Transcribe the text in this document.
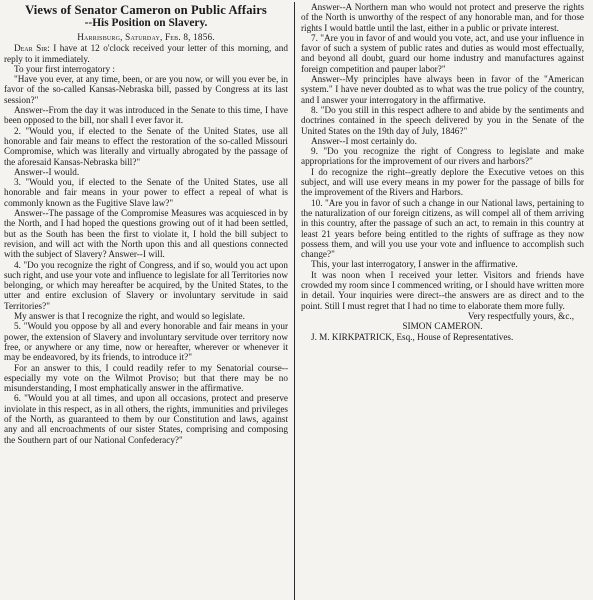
Views of Senator Cameron on Public Affairs
--His Position on Slavery.
Harrisburg, Saturday, Feb. 8, 1856.

Dear Sir: I have at 12 o'clock received your letter of this morning, and reply to it immediately.

To your first interrogatory :

"Have you ever, at any time, been, or are you now, or will you ever be, in favor of the so-called Kansas-Nebraska bill, passed by Congress at its last session?"

Answer--From the day it was introduced in the Senate to this time, I have been opposed to the bill, nor shall I ever favor it.

2. "Would you, if elected to the Senate of the United States, use all honorable and fair means to effect the restoration of the so-called Missouri Compromise, which was literally and virtually abrogated by the passage of the aforesaid Kansas-Nebraska bill?"

Answer--I would.

3. "Would you, if elected to the Senate of the United States, use all honorable and fair means in your power to effect a repeal of what is commonly known as the Fugitive Slave law?"

Answer--The passage of the Compromise Measures was acquiesced in by the North, and I had hoped the questions growing out of it had been settled, but as the South has been the first to violate it, I hold the bill subject to revision, and will act with the North upon this and all questions connected with the subject of Slavery? Answer--I will.

4. "Do you recognize the right of Congress, and if so, would you act upon such right, and use your vote and influence to legislate for all Territories now belonging, or which may hereafter be acquired, by the United States, to the utter and entire exclusion of Slavery or involuntary servitude in said Territories?"

My answer is that I recognize the right, and would so legislate.

5. "Would you oppose by all and every honorable and fair means in your power, the extension of Slavery and involuntary servitude over territory now free, or anywhere or any time, now or hereafter, wherever or whenever it may be endeavored, by its friends, to introduce it?"

For an answer to this, I could readily refer to my Senatorial course--especially my vote on the Wilmot Proviso; but that there may be no misunderstanding, I most emphatically answer in the affirmative.

6. "Would you at all times, and upon all occasions, protect and preserve inviolate in this respect, as in all others, the rights, immunities and privileges of the North, as guaranteed to them by our Constitution and laws, against any and all encroachments of our sister States, comprising and composing the Southern part of our National Confederacy?"

Answer--A Northern man who would not protect and preserve the rights of the North is unworthy of the respect of any honorable man, and for those rights I would battle until the last, either in a public or private interest.

7. "Are you in favor of and would you vote, act, and use your influence in favor of such a system of public rates and duties as would most effectually, and beyond all doubt, guard our home industry and manufactures against foreign competition and pauper labor?"

Answer--My principles have always been in favor of the "American system." I have never doubted as to what was the true policy of the country, and I answer your interrogatory in the affirmative.

8. "Do you still in this respect adhere to and abide by the sentiments and doctrines contained in the speech delivered by you in the Senate of the United States on the 19th day of July, 1846?"

Answer--I most certainly do.

9. "Do you recognize the right of Congress to legislate and make appropriations for the improvement of our rivers and harbors?"

I do recognize the right--greatly deplore the Executive vetoes on this subject, and will use every means in my power for the passage of bills for the improvement of the Rivers and Harbors.

10. "Are you in favor of such a change in our National laws, pertaining to the naturalization of our foreign citizens, as will compel all of them arriving in this country, after the passage of such an act, to remain in this country at least 21 years before being entitled to the rights of suffrage as they now possess them, and will you use your vote and influence to accomplish such change?"

This, your last interrogatory, I answer in the affirmative.

It was noon when I received your letter. Visitors and friends have crowded my room since I commenced writing, or I should have written more in detail. Your inquiries were direct--the answers are as direct and to the point. Still I must regret that I had no time to elaborate them more fully.

Very respectfully yours, &c.,

SIMON CAMERON.

J. M. KIRKPATRICK, Esq., House of Representatives.
